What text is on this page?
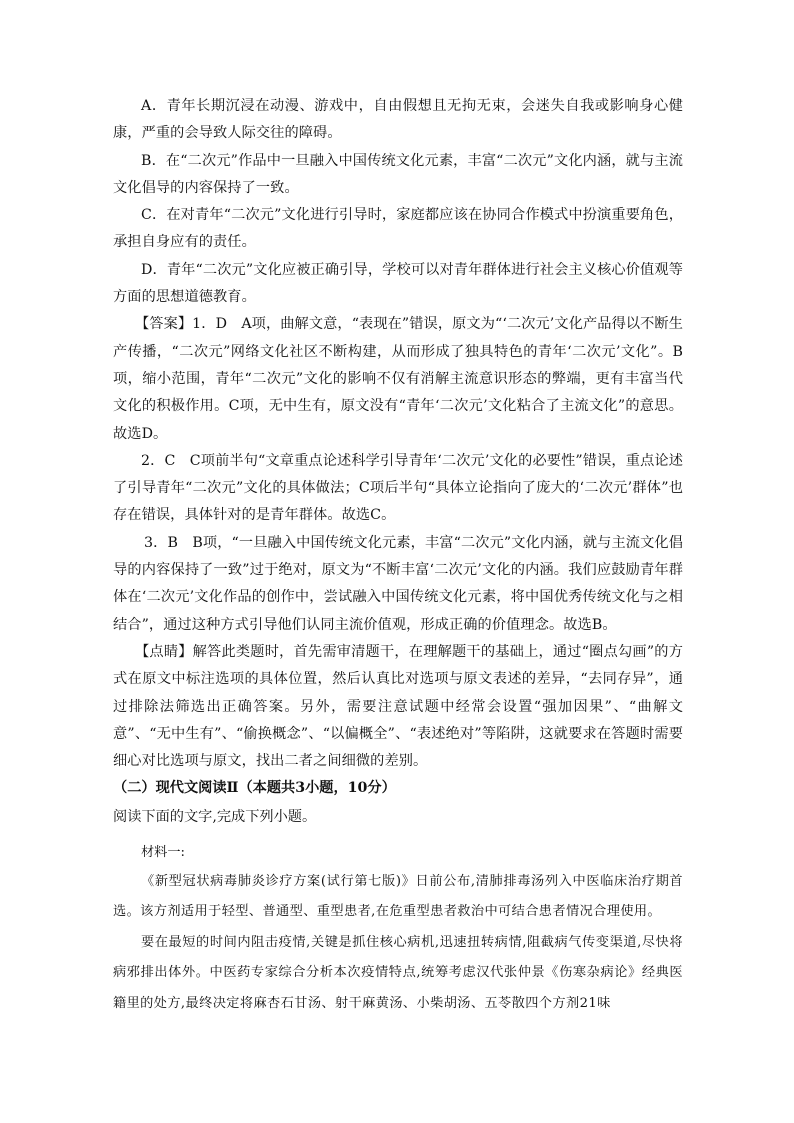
A．青年长期沉浸在动漫、游戏中，自由假想且无拘无束，会迷失自我或影响身心健康，严重的会导致人际交往的障碍。

B．在“二次元”作品中一旦融入中国传统文化元素，丰富“二次元”文化内涵，就与主流文化倡导的内容保持了一致。

C．在对青年“二次元”文化进行引导时，家庭都应该在协同合作模式中扮演重要角色，承担自身应有的责任。

D．青年“二次元”文化应被正确引导，学校可以对青年群体进行社会主义核心价值观等方面的思想道德教育。

【答案】1．D　A项，曲解文意，“表现在”错误，原文为“‘二次元’文化产品得以不断生产传播，“二次元”网络文化社区不断构建，从而形成了独具特色的青年‘二次元’文化”。B项，缩小范围，青年“二次元”文化的影响不仅有消解主流意识形态的弊端，更有丰富当代文化的积极作用。C项，无中生有，原文没有“青年‘二次元’文化粘合了主流文化”的意思。故选D。

2．C　C项前半句“文章重点论述科学引导青年‘二次元’文化的必要性”错误，重点论述了引导青年“二次元”文化的具体做法；C项后半句“具体立论指向了庞大的‘二次元’群体”也存在错误，具体针对的是青年群体。故选C。

3．B　B项，“一旦融入中国传统文化元素，丰富“二次元”文化内涵，就与主流文化倡导的内容保持了一致”过于绝对，原文为“不断丰富‘二次元’文化的内涵。我们应鼓励青年群体在‘二次元’文化作品的创作中，尝试融入中国传统文化元素，将中国优秀传统文化与之相结合”，通过这种方式引导他们认同主流价值观，形成正确的价值理念。故选B。

【点睛】解答此类题时，首先需审清题干，在理解题干的基础上，通过“圈点勾画”的方式在原文中标注选项的具体位置，然后认真比对选项与原文表述的差异，“去同存异”，通过排除法筛选出正确答案。另外，需要注意试题中经常会设置“强加因果”、“曲解文意”、“无中生有”、“偷换概念”、“以偏概全”、“表述绝对”等陷阱，这就要求在答题时需要细心对比选项与原文，找出二者之间细微的差别。

（二）现代文阅读Ⅱ（本题共3小题，10分）

阅读下面的文字,完成下列小题。

材料一:

《新型冠状病毒肺炎诊疗方案(试行第七版)》日前公布,清肺排毒汤列入中医临床治疗期首选。该方剂适用于轻型、普通型、重型患者,在危重型患者救治中可结合患者情况合理使用。

要在最短的时间内阻击疫情,关键是抓住核心病机,迅速扭转病情,阻截病气传变渠道,尽快将病邪排出体外。中医药专家综合分析本次疫情特点,统筹考虑汉代张仲景《伤寒杂病论》经典医籍里的处方,最终决定将麻杏石甘汤、射干麻黄汤、小柴胡汤、五苓散四个方剂21味
